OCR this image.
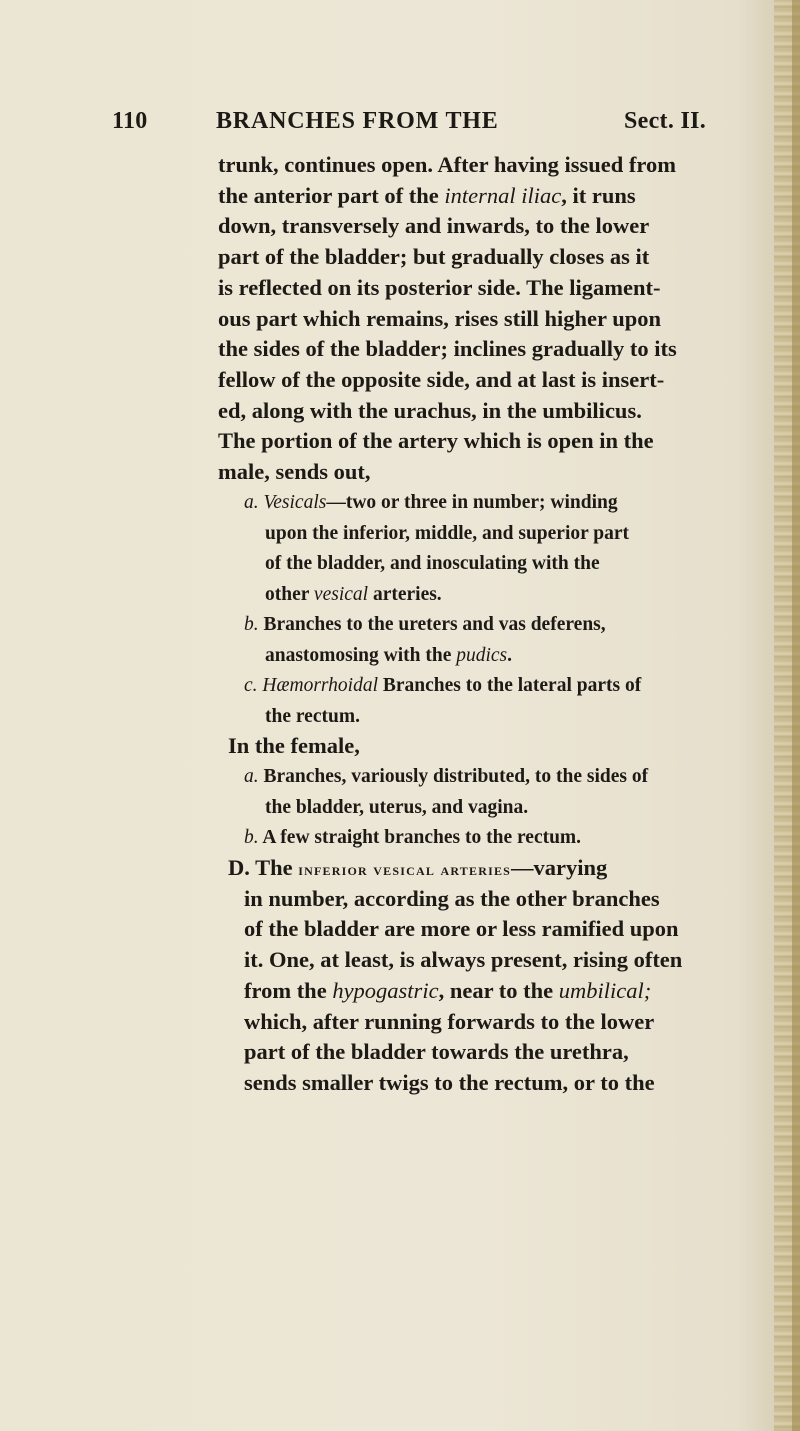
110	BRANCHES FROM THE	Sect. II.
trunk, continues open. After having issued from
the anterior part of the internal iliac, it runs
down, transversely and inwards, to the lower
part of the bladder; but gradually closes as it
is reflected on its posterior side. The ligament-
ous part which remains, rises still higher upon
the sides of the bladder; inclines gradually to its
fellow of the opposite side, and at last is insert-
ed, along with the urachus, in the umbilicus.
The portion of the artery which is open in the
male, sends out,
a. Vesicals—two or three in number; winding
upon the inferior, middle, and superior part
of the bladder, and inosculating with the
other vesical arteries.
b. Branches to the ureters and vas deferens,
anastomosing with the pudics.
c. Hæmorrhoidal Branches to the lateral parts of
the rectum.
In the female,
a. Branches, variously distributed, to the sides of
the bladder, uterus, and vagina.
b. A few straight branches to the rectum.
D. The inferior vesical arteries—varying
in number, according as the other branches
of the bladder are more or less ramified upon
it. One, at least, is always present, rising often
from the hypogastric, near to the umbilical;
which, after running forwards to the lower
part of the bladder towards the urethra,
sends smaller twigs to the rectum, or to the
